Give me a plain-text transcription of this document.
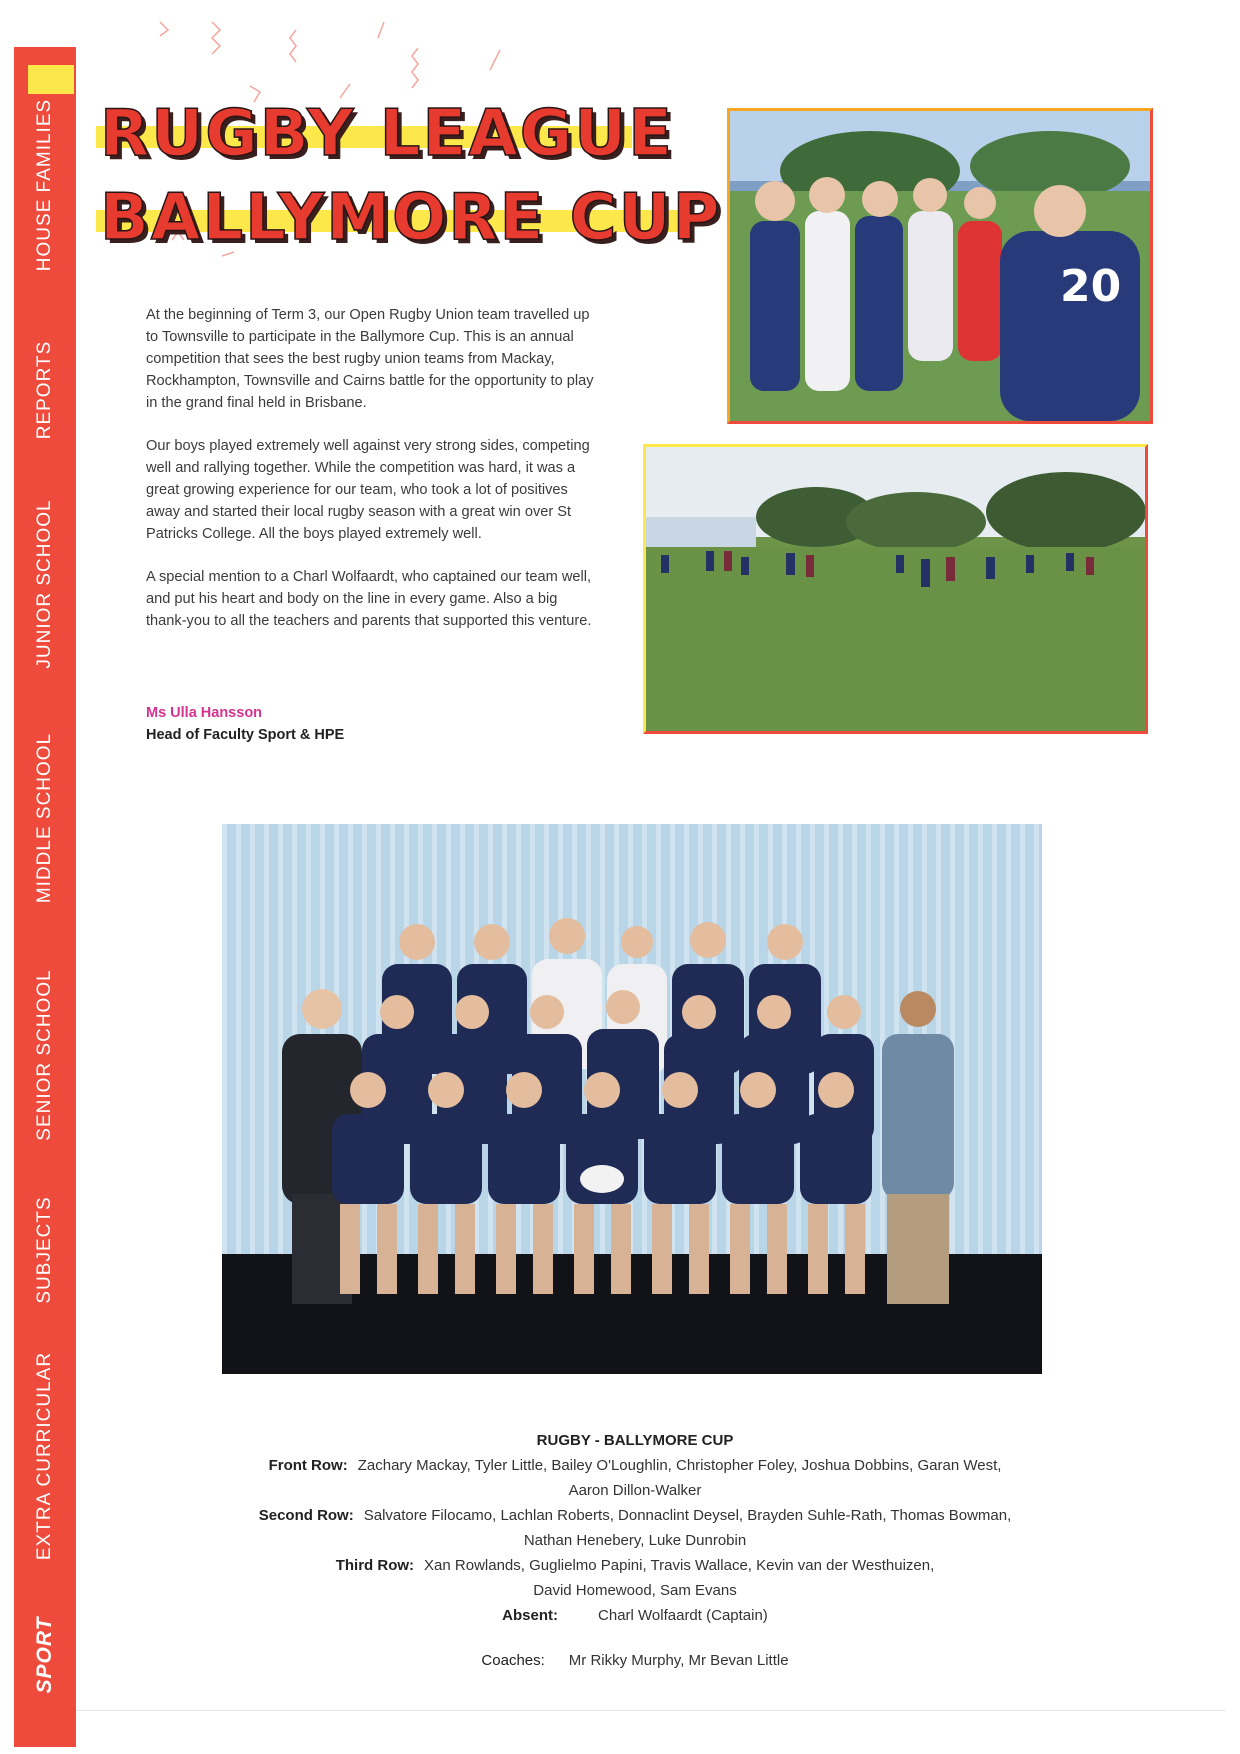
HOUSE FAMILIES
REPORTS
JUNIOR SCHOOL
MIDDLE SCHOOL
SENIOR SCHOOL
SUBJECTS
EXTRA CURRICULAR
SPORT
RUGBY LEAGUE
BALLYMORE CUP

At the beginning of Term 3, our Open Rugby Union team travelled up to Townsville to participate in the Ballymore Cup. This is an annual competition that sees the best rugby union teams from Mackay, Rockhampton, Townsville and Cairns battle for the opportunity to play in the grand final held in Brisbane.

Our boys played extremely well against very strong sides, competing well and rallying together. While the competition was hard, it was a great growing experience for our team, who took a lot of positives away and started their local rugby season with a great win over St Patricks College. All the boys played extremely well.

A special mention to a Charl Wolfaardt, who captained our team well, and put his heart and body on the line in every game. Also a big thank-you to all the teachers and parents that supported this venture.

Ms Ulla Hansson
Head of Faculty Sport & HPE
20
RUGBY - BALLYMORE CUP
Front Row: Zachary Mackay, Tyler Little, Bailey O'Loughlin, Christopher Foley, Joshua Dobbins, Garan West,
Aaron Dillon-Walker
Second Row: Salvatore Filocamo, Lachlan Roberts, Donnaclint Deysel, Brayden Suhle-Rath, Thomas Bowman,
Nathan Henebery, Luke Dunrobin
Third Row: Xan Rowlands, Guglielmo Papini, Travis Wallace, Kevin van der Westhuizen,
David Homewood, Sam Evans
Absent:	Charl Wolfaardt (Captain)
Coaches: Mr Rikky Murphy, Mr Bevan Little
